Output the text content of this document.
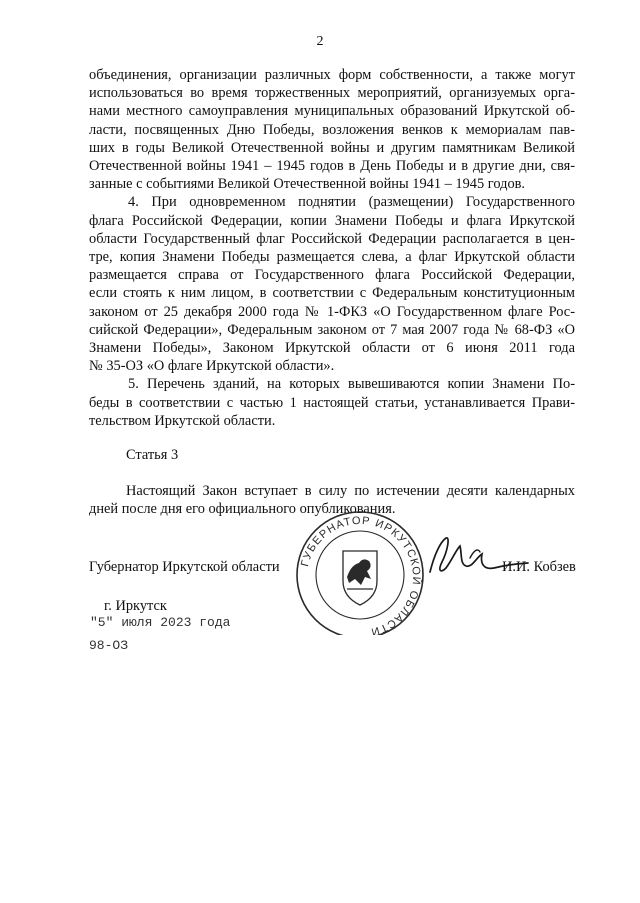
2
объединения, организации различных форм собственности, а также могут
использоваться во время торжественных мероприятий, организуемых орга-
нами местного самоуправления муниципальных образований Иркутской об-
ласти, посвященных Дню Победы, возложения венков к мемориалам пав-
ших в годы Великой Отечественной войны и другим памятникам Великой
Отечественной войны 1941 – 1945 годов в День Победы и в другие дни, свя-
занные с событиями Великой Отечественной войны 1941 – 1945 годов.
4. При одновременном поднятии (размещении) Государственного
флага Российской Федерации, копии Знамени Победы и флага Иркутской
области Государственный флаг Российской Федерации располагается в цен-
тре, копия Знамени Победы размещается слева, а флаг Иркутской области
размещается справа от Государственного флага Российской Федерации,
если стоять к ним лицом, в соответствии с Федеральным конституционным
законом от 25 декабря 2000 года № 1-ФКЗ «О Государственном флаге Рос-
сийской Федерации», Федеральным законом от 7 мая 2007 года № 68-ФЗ «О
Знамени Победы», Законом Иркутской области от 6 июня 2011 года
№ 35-ОЗ «О флаге Иркутской области».
5. Перечень зданий, на которых вывешиваются копии Знамени По-
беды в соответствии с частью 1 настоящей статьи, устанавливается Прави-
тельством Иркутской области.
Статья 3
Настоящий Закон вступает в силу по истечении десяти календарных
дней после дня его официального опубликования.
Губернатор Иркутской области	И.И. Кобзев
ГУБЕРНАТОР ИРКУТСКОЙ ОБЛАСТИ
г. Иркутск
"5" июля 2023 года
98-ОЗ
